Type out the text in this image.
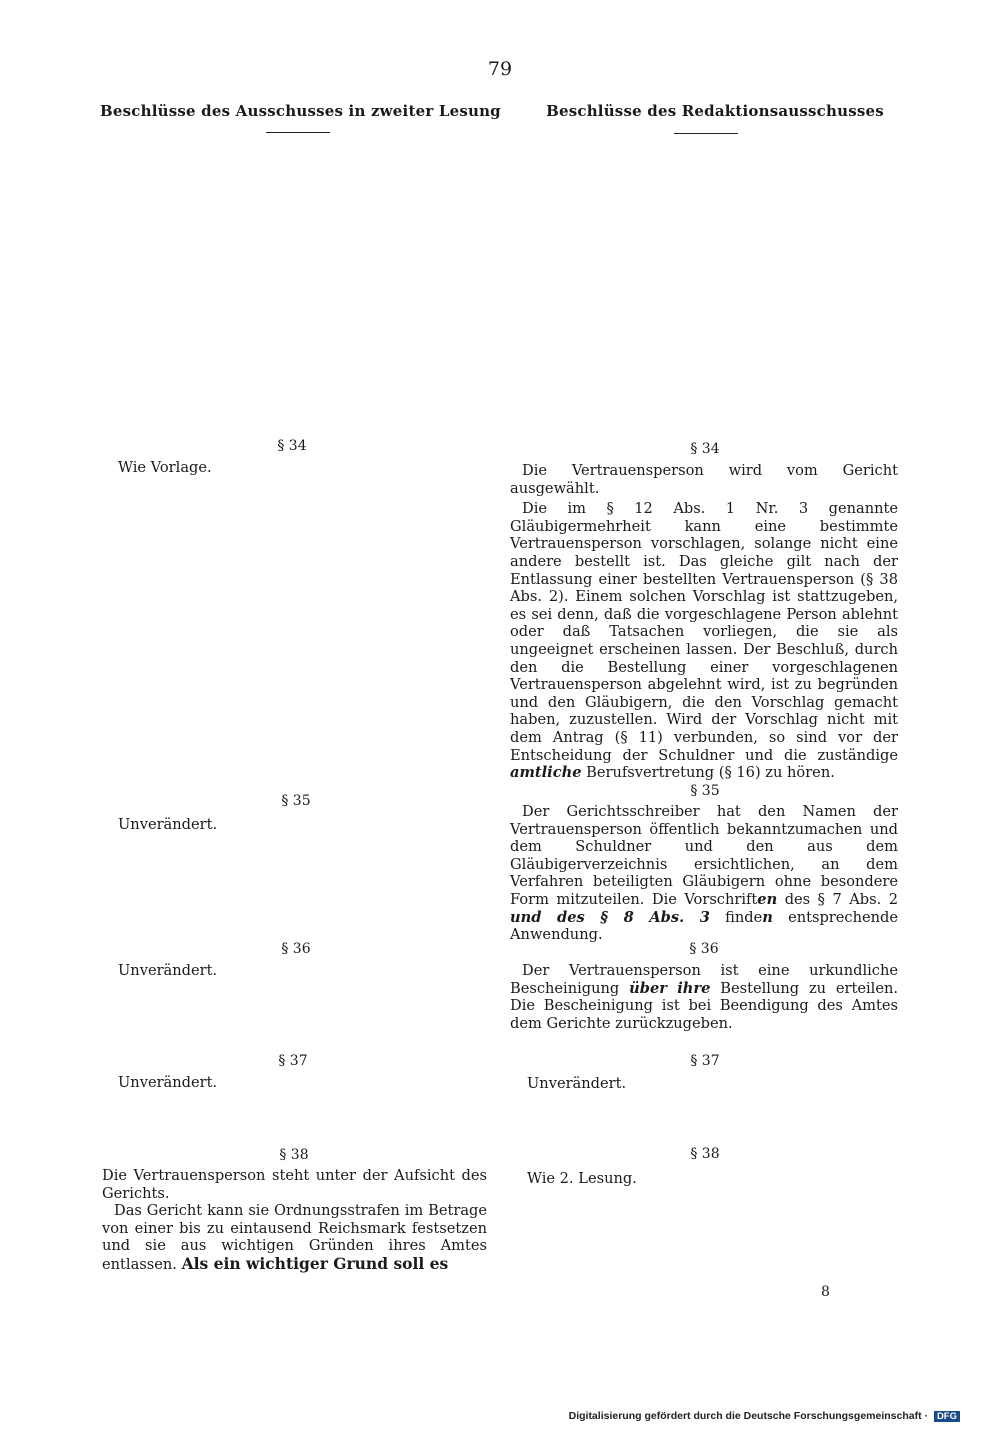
79
Beschlüsse des Ausschusses in zweiter Lesung	Beschlüsse des Redaktionsausschusses
§ 34
Wie Vorlage.
§ 35
Unverändert.
§ 36
Unverändert.
§ 37
Unverändert.
§ 38

Die Vertrauensperson steht unter der Aufsicht des Gerichts.

Das Gericht kann sie Ordnungsstrafen im Betrage von einer bis zu eintausend Reichsmark festsetzen und sie aus wichtigen Gründen ihres Amtes entlassen. Als ein wichtiger Grund soll es

§ 34

Die Vertrauensperson wird vom Gericht ausgewählt.

Die im § 12 Abs. 1 Nr. 3 genannte Gläubigermehrheit kann eine bestimmte Vertrauensperson vorschlagen, solange nicht eine andere bestellt ist. Das gleiche gilt nach der Entlassung einer bestellten Vertrauensperson (§ 38 Abs. 2). Einem solchen Vorschlag ist stattzugeben, es sei denn, daß die vorgeschlagene Person ablehnt oder daß Tatsachen vorliegen, die sie als ungeeignet erscheinen lassen. Der Beschluß, durch den die Bestellung einer vorgeschlagenen Vertrauensperson abgelehnt wird, ist zu begründen und den Gläubigern, die den Vorschlag gemacht haben, zuzustellen. Wird der Vorschlag nicht mit dem Antrag (§ 11) verbunden, so sind vor der Entscheidung der Schuldner und die zuständige amtliche Berufsvertretung (§ 16) zu hören.

§ 35

Der Gerichtsschreiber hat den Namen der Vertrauensperson öffentlich bekanntzumachen und dem Schuldner und den aus dem Gläubigerverzeichnis ersichtlichen, an dem Verfahren beteiligten Gläubigern ohne besondere Form mitzuteilen. Die Vorschriften des § 7 Abs. 2 und des § 8 Abs. 3 finden entsprechende Anwendung.

§ 36

Der Vertrauensperson ist eine urkundliche Bescheinigung über ihre Bestellung zu erteilen. Die Bescheinigung ist bei Beendigung des Amtes dem Gerichte zurückzugeben.

§ 37
Unverändert.
§ 38
Wie 2. Lesung.
8
Digitalisierung gefördert durch die Deutsche Forschungsgemeinschaft · DFG
